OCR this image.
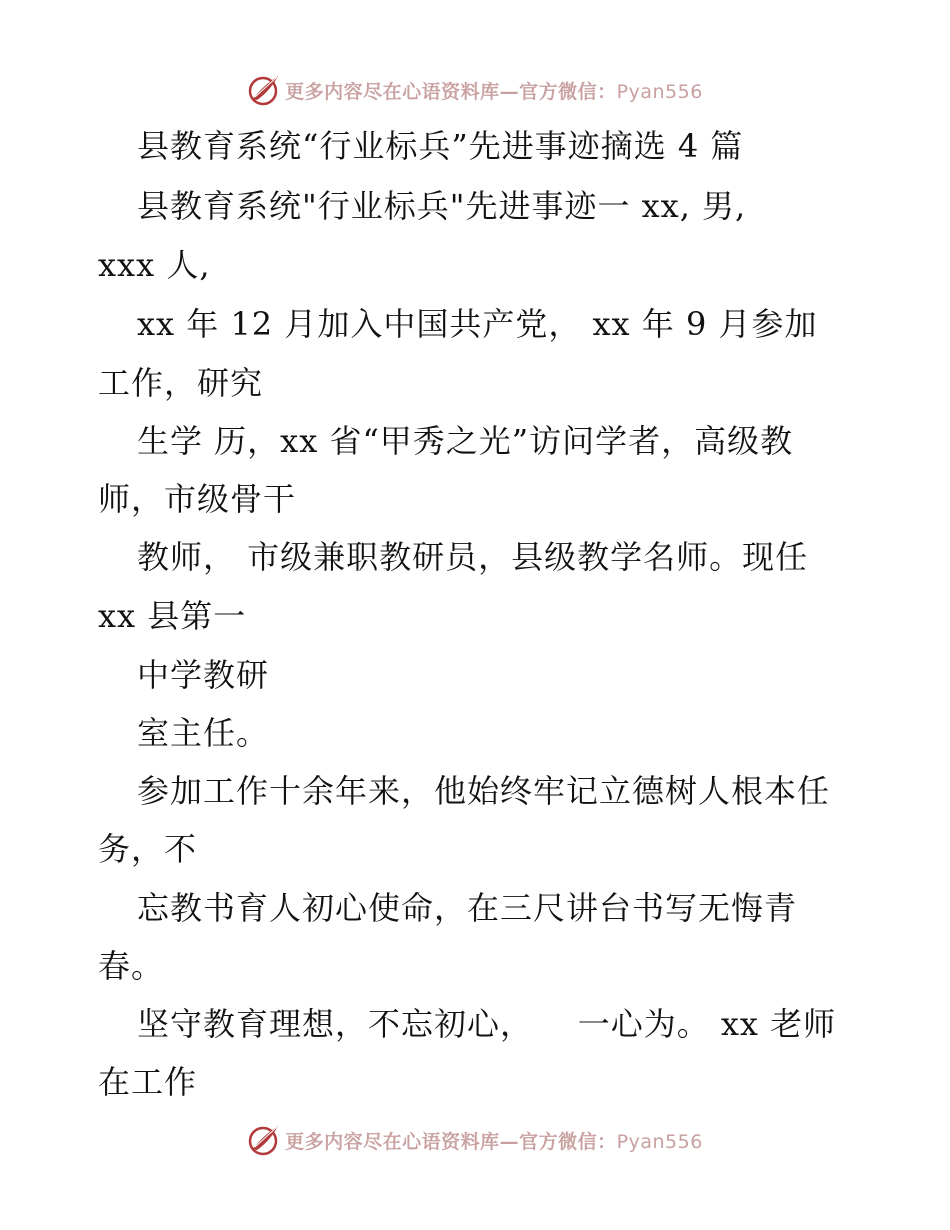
更多内容尽在心语资料库—官方微信：Pyan556
县教育系统“行业标兵”先进事迹摘选 4 篇
县教育系统"行业标兵"先进事迹一 xx, 男,
xxx 人,
xx 年 12 月加入中国共产党， xx 年 9 月参加
工作，研究
生学 历，xx 省“甲秀之光”访问学者，高级教
师，市级骨干
教师， 市级兼职教研员，县级教学名师。现任
xx 县第一
中学教研
室主任。
参加工作十余年来，他始终牢记立德树人根本任
务，不
忘教书育人初心使命，在三尺讲台书写无悔青
春。
坚守教育理想，不忘初心，    一心为。 xx 老师
在工作
更多内容尽在心语资料库—官方微信：Pyan556
